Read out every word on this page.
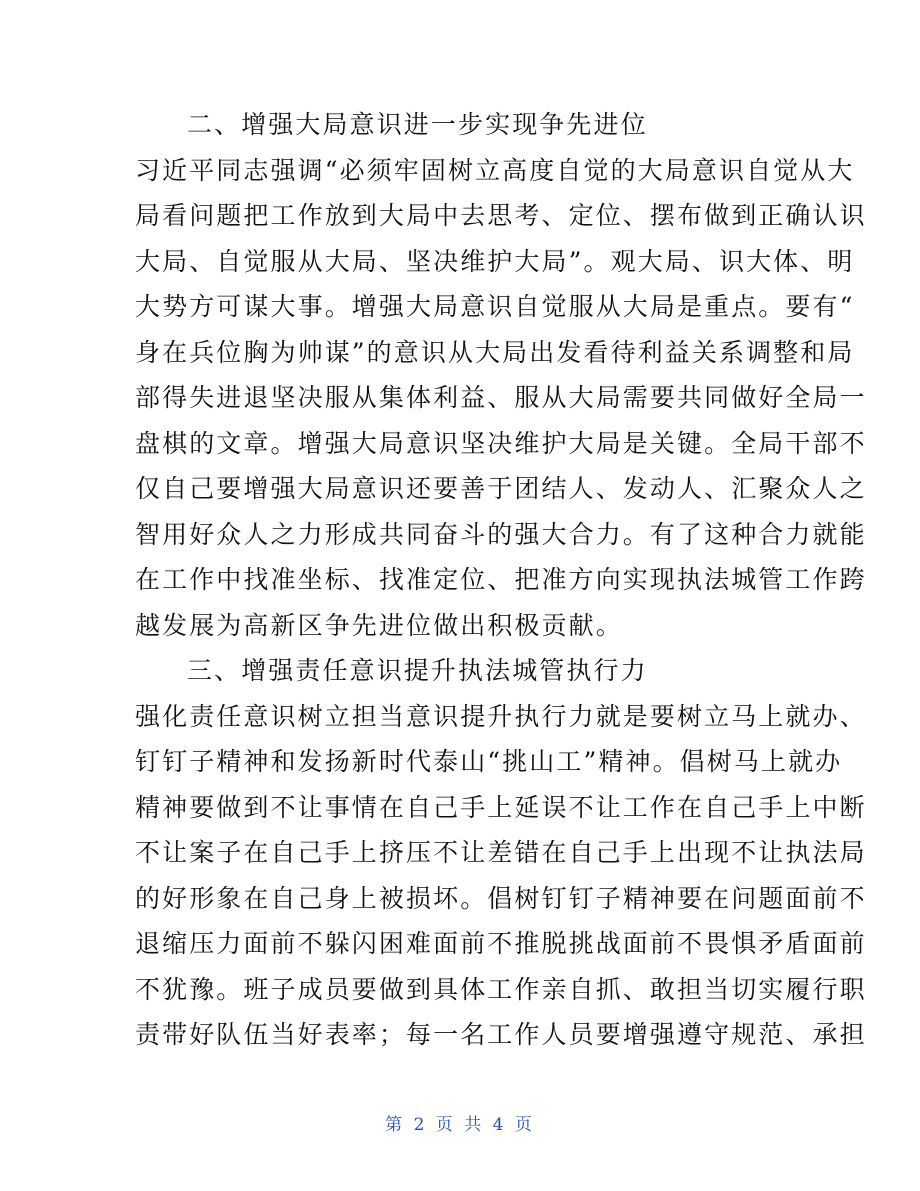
二、增强大局意识进一步实现争先进位
习近平同志强调“必须牢固树立高度自觉的大局意识自觉从大
局看问题把工作放到大局中去思考、定位、摆布做到正确认识
大局、自觉服从大局、坚决维护大局”。观大局、识大体、明
大势方可谋大事。增强大局意识自觉服从大局是重点。要有“
身在兵位胸为帅谋”的意识从大局出发看待利益关系调整和局
部得失进退坚决服从集体利益、服从大局需要共同做好全局一
盘棋的文章。增强大局意识坚决维护大局是关键。全局干部不
仅自己要增强大局意识还要善于团结人、发动人、汇聚众人之
智用好众人之力形成共同奋斗的强大合力。有了这种合力就能
在工作中找准坐标、找准定位、把准方向实现执法城管工作跨
越发展为高新区争先进位做出积极贡献。
三、增强责任意识提升执法城管执行力
强化责任意识树立担当意识提升执行力就是要树立马上就办、
钉钉子精神和发扬新时代泰山“挑山工”精神。倡树马上就办
精神要做到不让事情在自己手上延误不让工作在自己手上中断
不让案子在自己手上挤压不让差错在自己手上出现不让执法局
的好形象在自己身上被损坏。倡树钉钉子精神要在问题面前不
退缩压力面前不躲闪困难面前不推脱挑战面前不畏惧矛盾面前
不犹豫。班子成员要做到具体工作亲自抓、敢担当切实履行职
责带好队伍当好表率；每一名工作人员要增强遵守规范、承担
第 2 页 共 4 页
